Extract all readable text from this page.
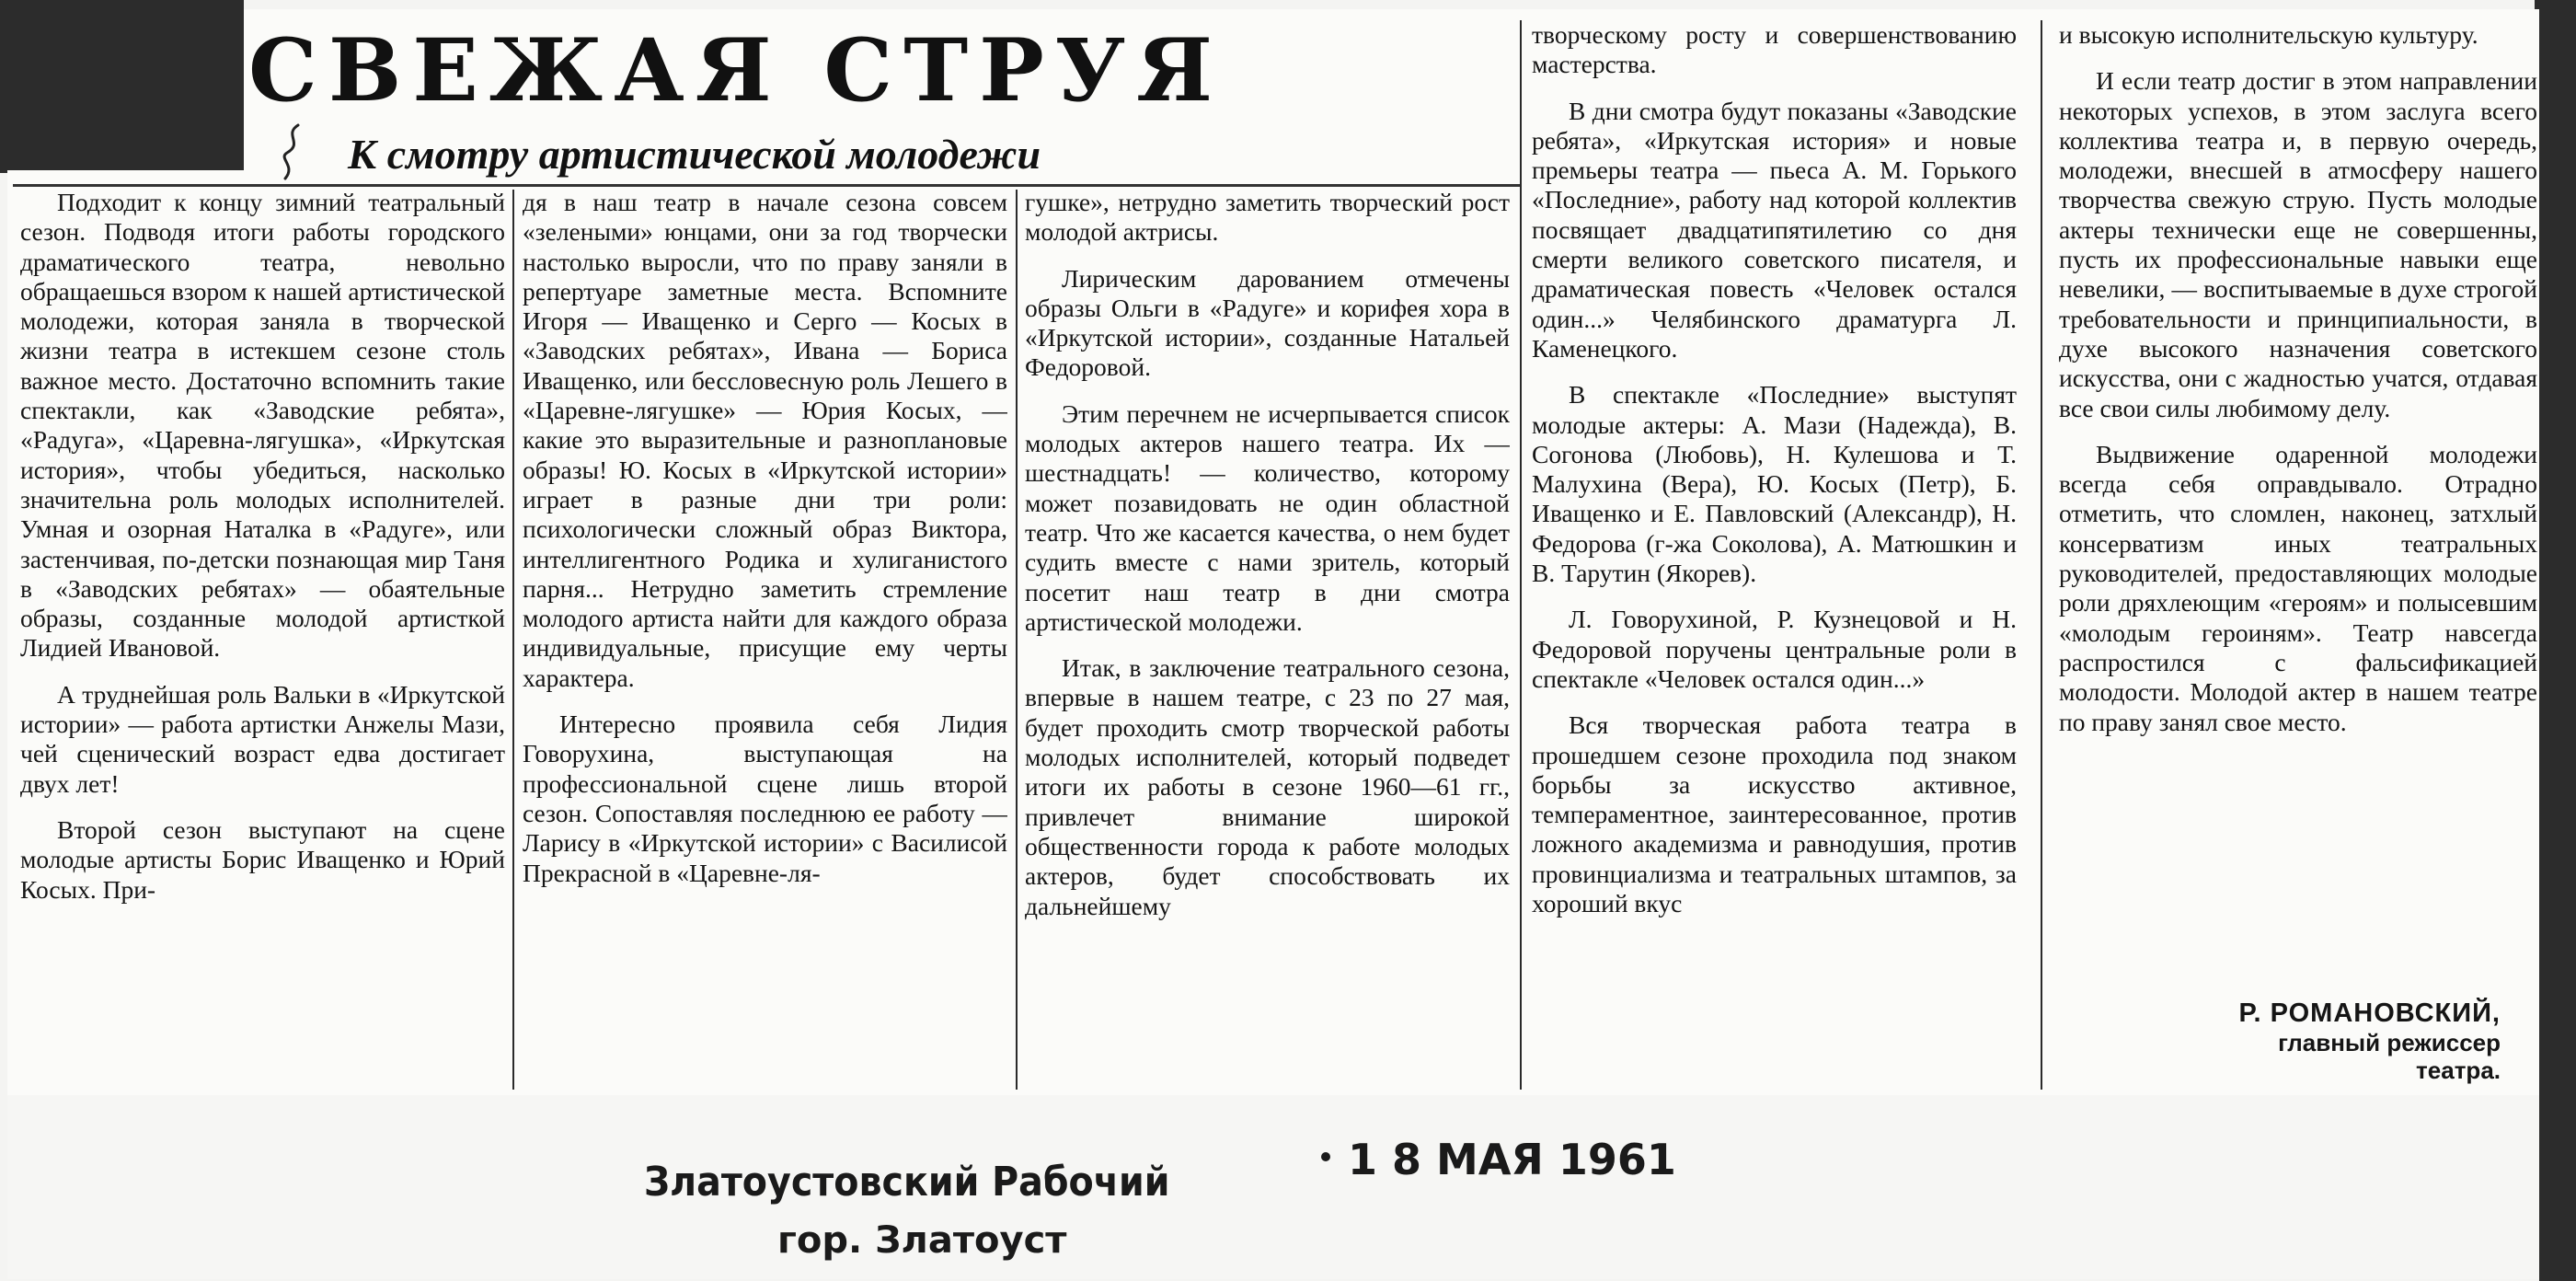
СВЕЖАЯ СТРУЯ
К смотру артистической молодежи

Подходит к концу зимний театральный сезон. Подводя итоги работы городского драматического театра, невольно обращаешься взором к нашей артистической молодежи, которая заняла в творческой жизни театра в истекшем сезоне столь важное место. Достаточно вспомнить такие спектакли, как «Заводские ребята», «Радуга», «Царевна-лягушка», «Иркутская история», чтобы убедиться, насколько значительна роль молодых исполнителей. Умная и озорная Наталка в «Радуге», или застенчивая, по-детски познающая мир Таня в «Заводских ребятах» — обаятельные образы, созданные молодой артисткой Лидией Ивановой.

А труднейшая роль Вальки в «Иркутской истории» — работа артистки Анжелы Мази, чей сценический возраст едва достигает двух лет!

Второй сезон выступают на сцене молодые артисты Борис Иващенко и Юрий Косых. При-

дя в наш театр в начале сезона совсем «зелеными» юнцами, они за год творчески настолько выросли, что по праву заняли в репертуаре заметные места. Вспомните Игоря — Иващенко и Серго — Косых в «Заводских ребятах», Ивана — Бориса Иващенко, или бессловесную роль Лешего в «Царевне-лягушке» — Юрия Косых, — какие это выразительные и разноплановые образы! Ю. Косых в «Иркутской истории» играет в разные дни три роли: психологически сложный образ Виктора, интеллигентного Родика и хулиганистого парня... Нетрудно заметить стремление молодого артиста найти для каждого образа индивидуальные, присущие ему черты характера.

Интересно проявила себя Лидия Говорухина, выступающая на профессиональной сцене лишь второй сезон. Сопоставляя последнюю ее работу — Ларису в «Иркутской истории» с Василисой Прекрасной в «Царевне-ля-

гушке», нетрудно заметить творческий рост молодой актрисы.

Лирическим дарованием отмечены образы Ольги в «Радуге» и корифея хора в «Иркутской истории», созданные Натальей Федоровой.

Этим перечнем не исчерпывается список молодых актеров нашего театра. Их — шестнадцать! — количество, которому может позавидовать не один областной театр. Что же касается качества, о нем будет судить вместе с нами зритель, который посетит наш театр в дни смотра артистической молодежи.

Итак, в заключение театрального сезона, впервые в нашем театре, с 23 по 27 мая, будет проходить смотр творческой работы молодых исполнителей, который подведет итоги их работы в сезоне 1960—61 гг., привлечет внимание широкой общественности города к работе молодых актеров, будет способствовать их дальнейшему

творческому росту и совершенствованию мастерства.

В дни смотра будут показаны «Заводские ребята», «Иркутская история» и новые премьеры театра — пьеса А. М. Горького «Последние», работу над которой коллектив посвящает двадцатипятилетию со дня смерти великого советского писателя, и драматическая повесть «Человек остался один...» Челябинского драматурга Л. Каменецкого.

В спектакле «Последние» выступят молодые актеры: А. Мази (Надежда), В. Согонова (Любовь), Н. Кулешова и Т. Малухина (Вера), Ю. Косых (Петр), Б. Иващенко и Е. Павловский (Александр), Н. Федорова (г-жа Соколова), А. Матюшкин и В. Тарутин (Якорев).

Л. Говорухиной, Р. Кузнецовой и Н. Федоровой поручены центральные роли в спектакле «Человек остался один...»

Вся творческая работа театра в прошедшем сезоне проходила под знаком борьбы за искусство активное, темпераментное, заинтересованное, против ложного академизма и равнодушия, против провинциализма и театральных штампов, за хороший вкус

и высокую исполнительскую культуру.

И если театр достиг в этом направлении некоторых успехов, в этом заслуга всего коллектива театра и, в первую очередь, молодежи, внесшей в атмосферу нашего творчества свежую струю. Пусть молодые актеры технически еще не совершенны, пусть их профессиональные навыки еще невелики, — воспитываемые в духе строгой требовательности и принципиальности, в духе высокого назначения советского искусства, они с жадностью учатся, отдавая все свои силы любимому делу.

Выдвижение одаренной молодежи всегда себя оправдывало. Отрадно отметить, что сломлен, наконец, затхлый консерватизм иных театральных руководителей, предоставляющих молодые роли дряхлеющим «героям» и полысевшим «молодым героиням». Театр навсегда распростился с фальсификацией молодости. Молодой актер в нашем театре по праву занял свое место.

Р. РОМАНОВСКИЙ,
главный режиссер
театра.
Златоустовский Рабочий	1 8 МАЯ 1961
гор. Златоуст
